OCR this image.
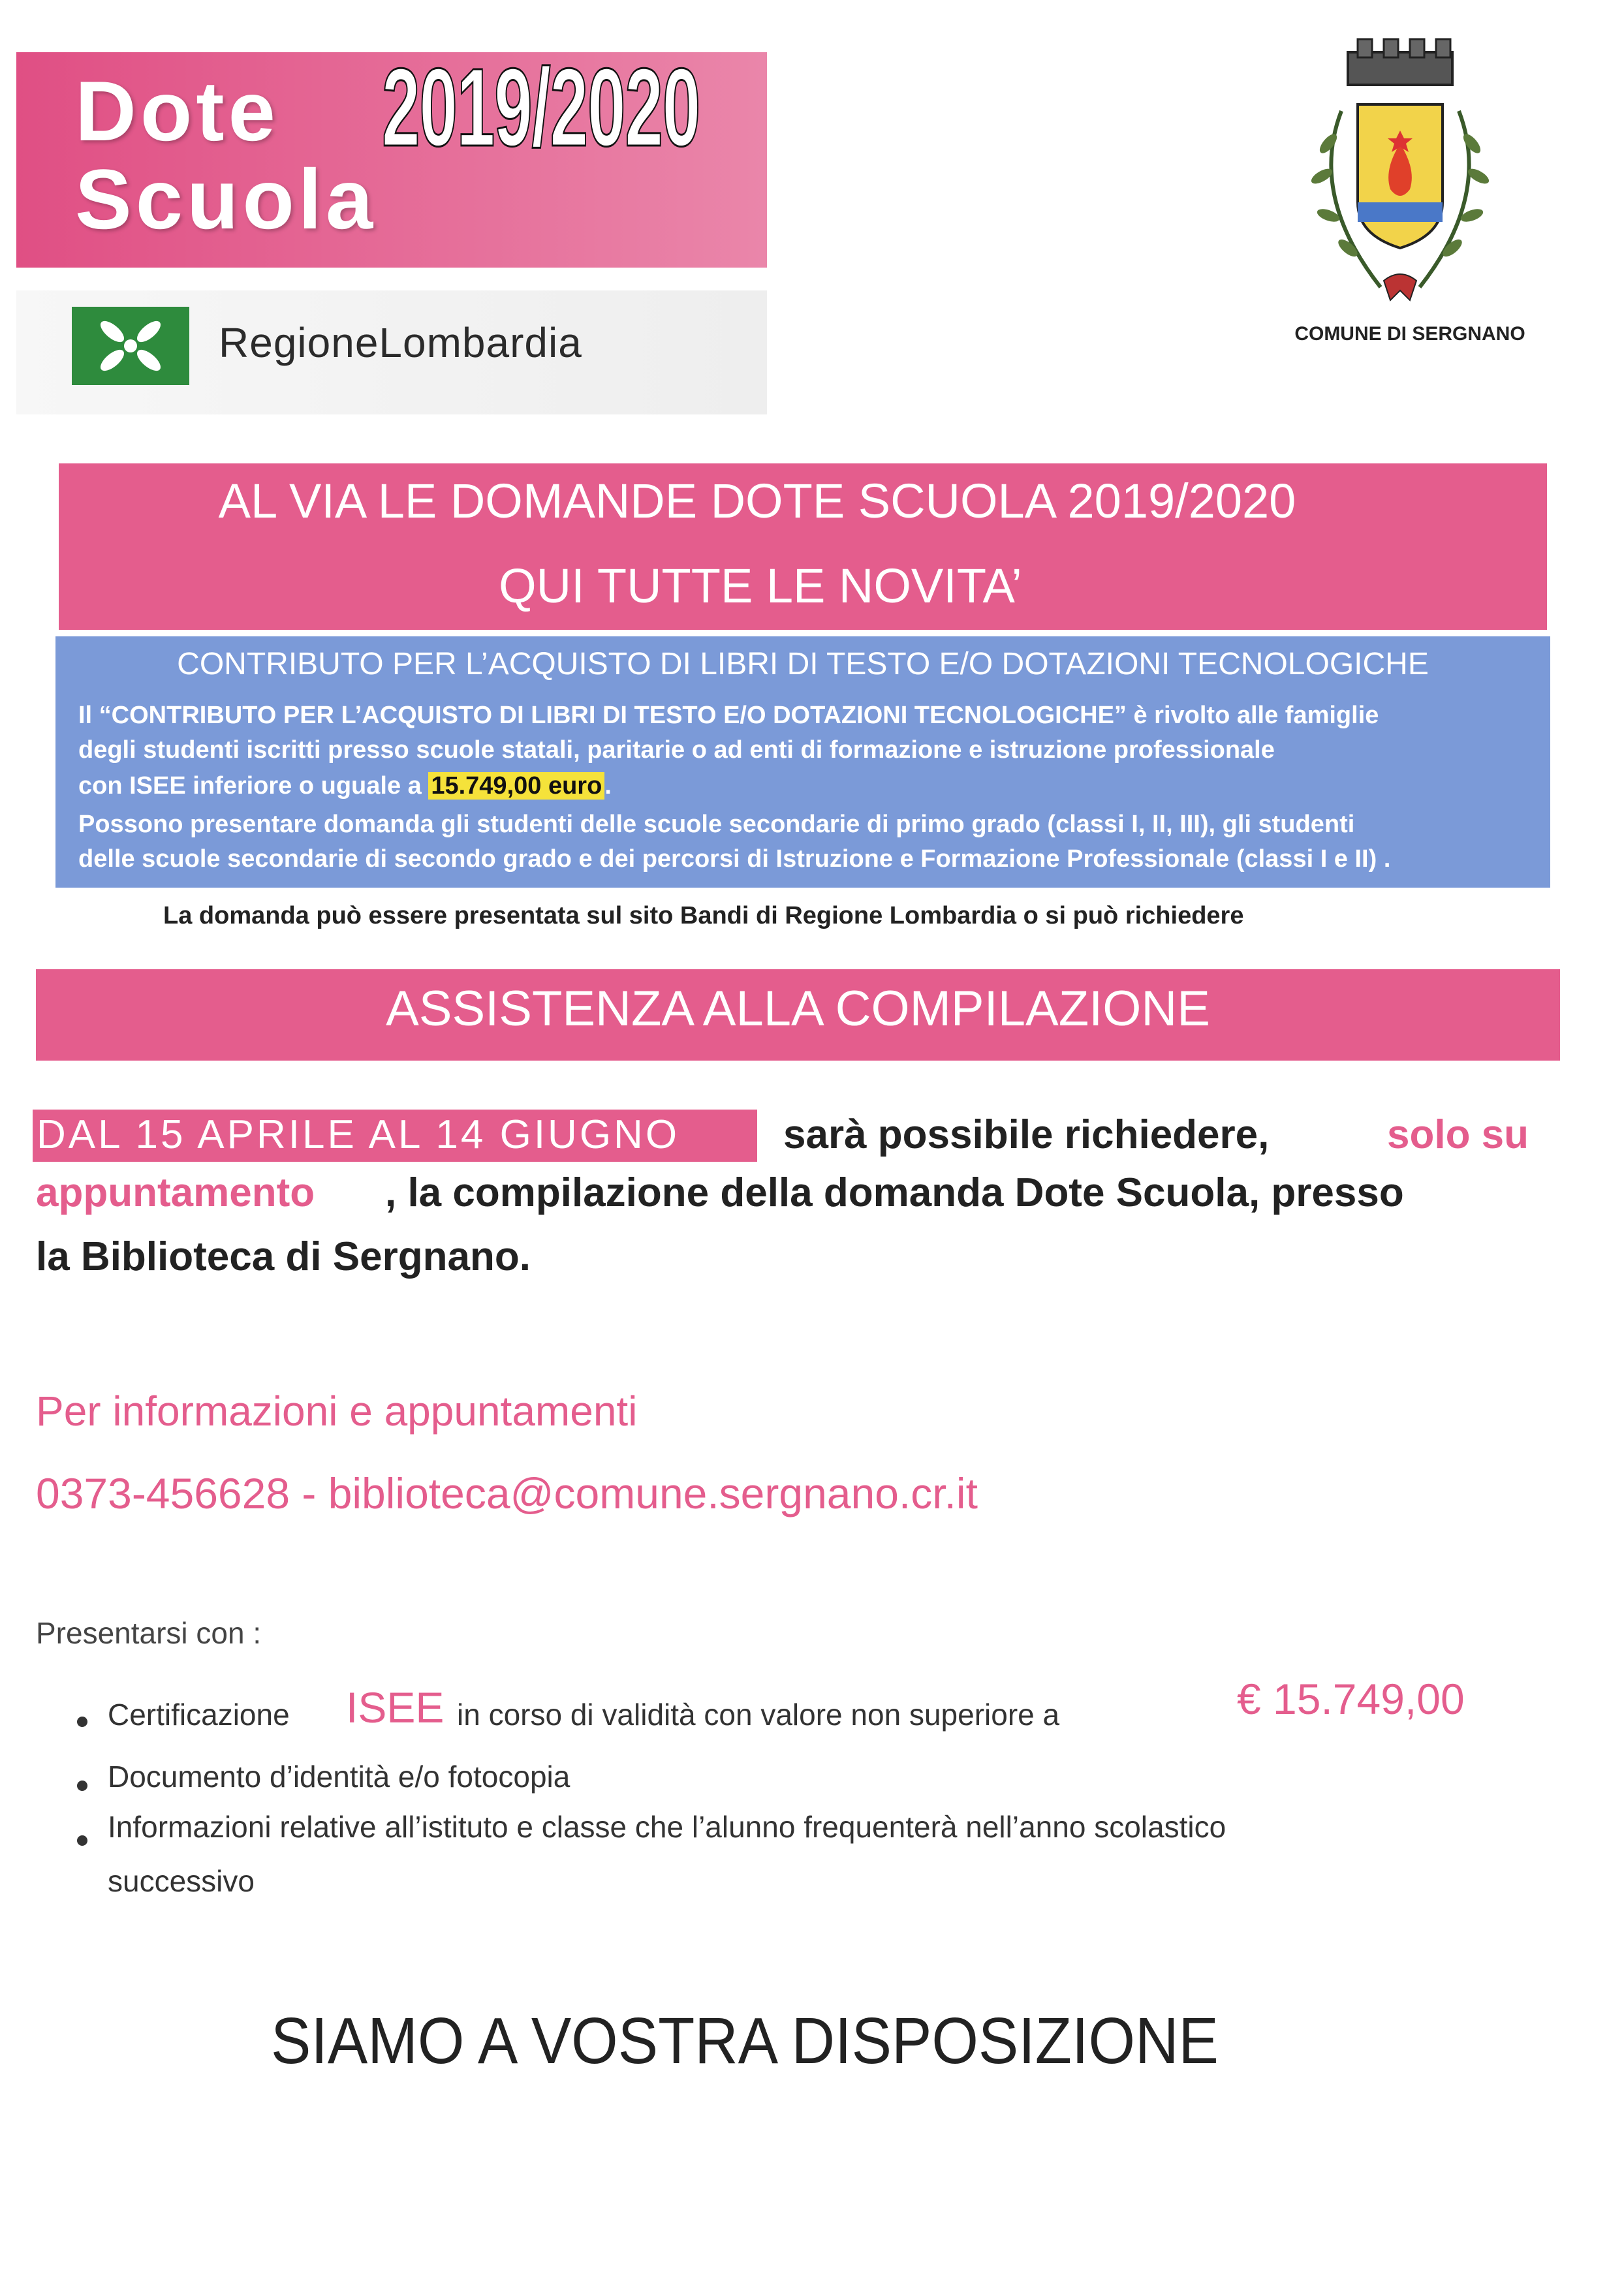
Dote
Scuola
2019/2020
RegioneLombardia	COMUNE DI SERGNANO
AL VIA LE DOMANDE DOTE SCUOLA 2019/2020
QUI TUTTE LE NOVITA’
CONTRIBUTO PER L’ACQUISTO DI LIBRI DI TESTO E/O DOTAZIONI TECNOLOGICHE
Il “CONTRIBUTO PER L’ACQUISTO DI LIBRI DI TESTO E/O DOTAZIONI TECNOLOGICHE” è rivolto alle famiglie
degli studenti iscritti presso scuole statali, paritarie o ad enti di formazione e istruzione professionale
con ISEE inferiore o uguale a 15.749,00 euro .
Possono presentare domanda gli studenti delle scuole secondarie di primo grado (classi I, II, III), gli studenti
delle scuole secondarie di secondo grado e dei percorsi di Istruzione e Formazione Professionale (classi I e II) .
La domanda può essere presentata sul sito Bandi di Regione Lombardia o si può richiedere
ASSISTENZA ALLA COMPILAZIONE
DAL 15 APRILE AL 14 GIUGNO	sarà possibile richiedere,	solo su
appuntamento , la compilazione della domanda Dote Scuola, presso
la Biblioteca di Sergnano.
Per informazioni e appuntamenti
0373-456628 - biblioteca@comune.sergnano.cr.it
Presentarsi con :
Certificazione ISEE in corso di validità con valore non superiore a	€ 15.749,00
Documento d’identità e/o fotocopia
Informazioni relative all’istituto e classe che l’alunno frequenterà nell’anno scolastico
successivo
SIAMO A VOSTRA DISPOSIZIONE
